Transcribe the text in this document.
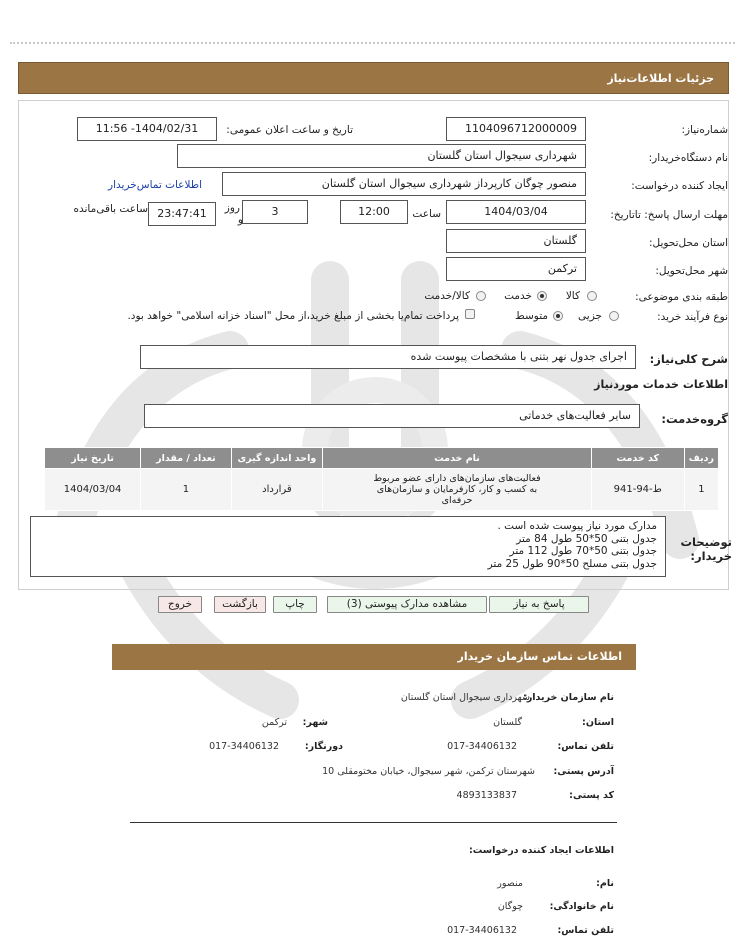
جزئیات اطلاعات‌نیاز
شماره‌نیاز:
1104096712000009
تاریخ و ساعت اعلان عمومی:
1404/02/31- 11:56
نام دستگاه‌خریدار:
شهرداری سیجوال استان گلستان
ایجاد کننده درخواست:
منصور چوگان کارپرداز شهرداری سیجوال استان گلستان
اطلاعات تماس‌خریدار
مهلت ارسال پاسخ: تاتاریخ:
1404/03/04
ساعت
12:00
3
روز
و
23:47:41
ساعت باقی‌مانده
استان محل‌تحویل:
گلستان
شهر محل‌تحویل:
ترکمن
طبقه بندی موضوعی:
کالا
خدمت
کالا/خدمت
نوع فرآیند خرید:
جزیی
متوسط
پرداخت تمام‌یا بخشی از مبلغ خرید،از محل "اسناد خزانه اسلامی" خواهد بود.
شرح کلی‌نیاز:
اجرای جدول نهر بتنی با مشخصات پیوست شده
اطلاعات خدمات موردنیاز
گروه‌خدمت:
سایر فعالیت‌های خدماتی
ردیف	کد خدمت	نام خدمت	واحد اندازه گیری	تعداد / مقدار	تاریخ نیاز
1	ط-94-941	فعالیت‌های سازمان‌های دارای عضو مربوط به کسب و کار، کارفرمایان و سازمان‌های حرفه‌ای	قرارداد	1	1404/03/04
توضیحات خریدار:
مدارک مورد نیاز پیوست شده است .
جدول بتنی 50*50 طول 84 متر
جدول بتنی 50*70 طول 112 متر
جدول بتنی مسلح 50*90 طول 25 متر
پاسخ به نیاز
مشاهده مدارک پیوستی (3)
چاپ
بازگشت
خروج
اطلاعات تماس سازمان خریدار
نام سازمان خریدار:
شهرداری سیجوال استان گلستان
استان:
گلستان
شهر:
ترکمن
تلفن تماس:
017-34406132
دورنگار:
017-34406132
آدرس پستی:
شهرستان ترکمن، شهر سیجوال، خیابان مختومقلی 10
کد پستی:
4893133837
اطلاعات ایجاد کننده درخواست:
نام:
منصور
نام خانوادگی:
چوگان
تلفن تماس:
017-34406132
